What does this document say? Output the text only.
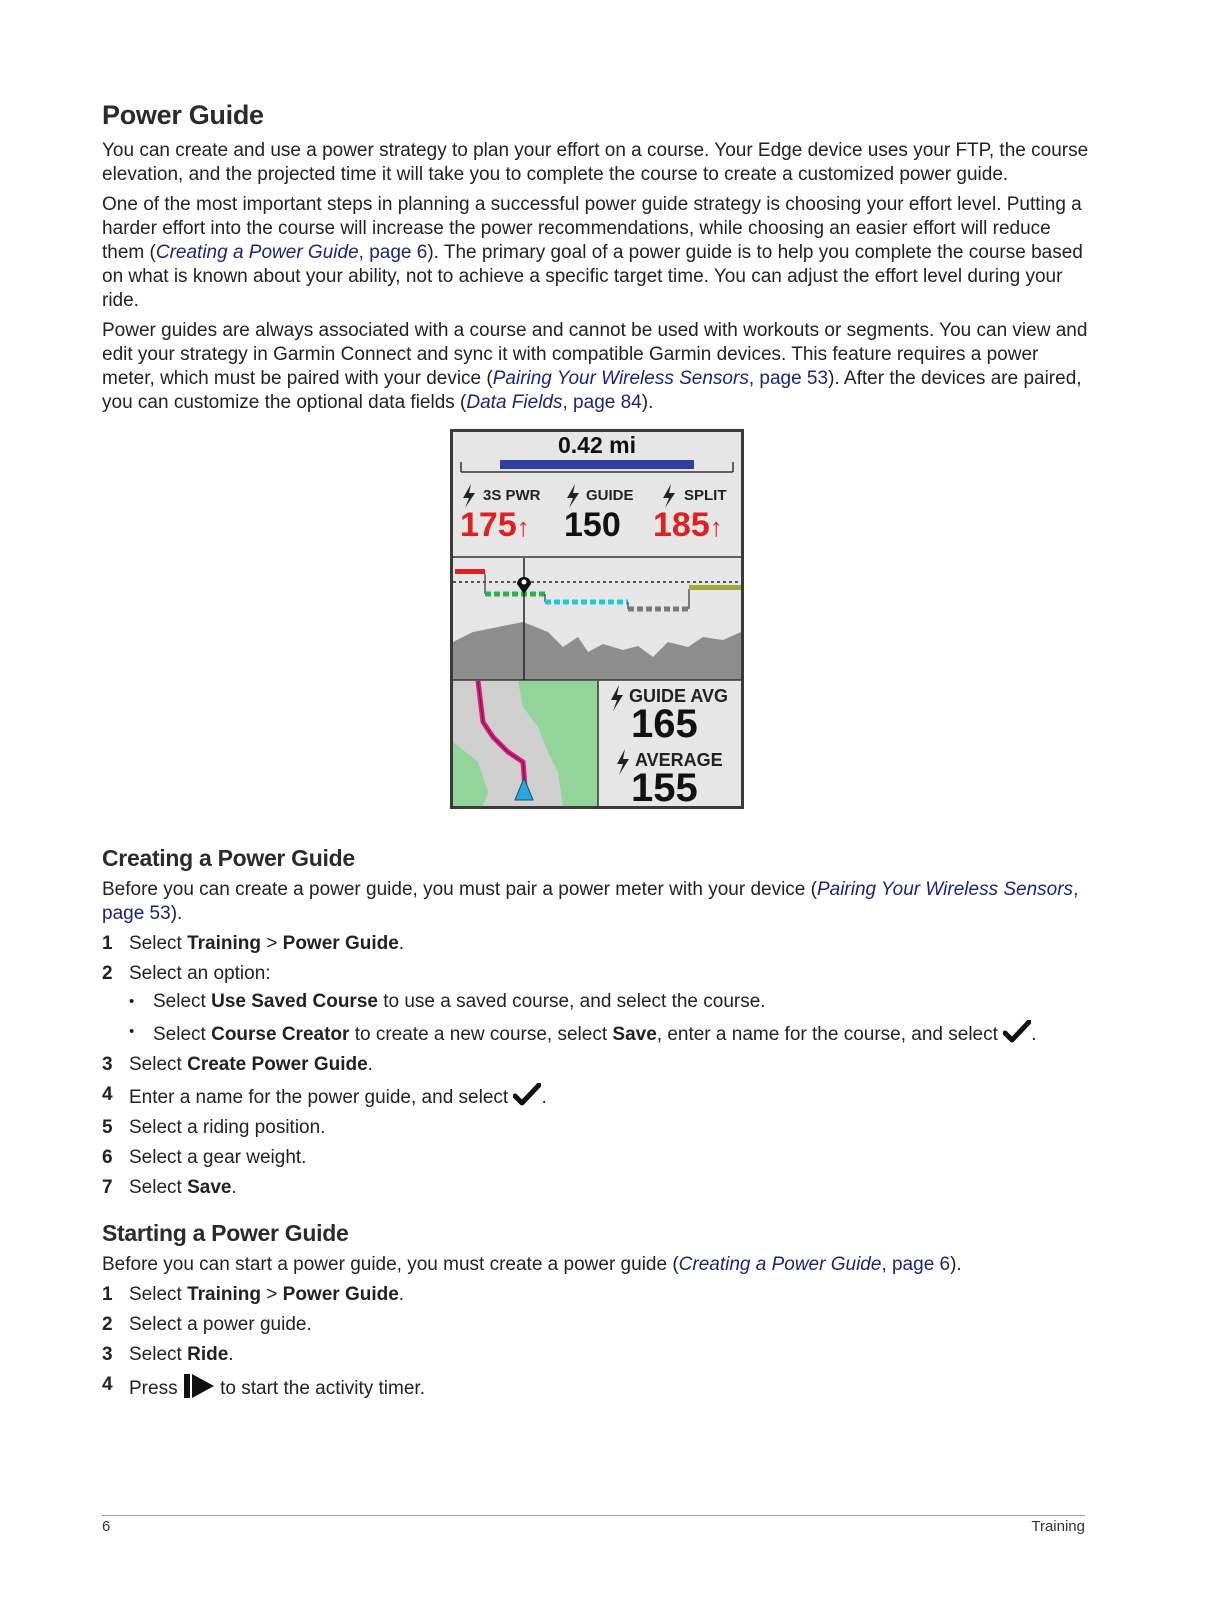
Power Guide

You can create and use a power strategy to plan your effort on a course. Your Edge device uses your FTP, the course elevation, and the projected time it will take you to complete the course to create a customized power guide.

One of the most important steps in planning a successful power guide strategy is choosing your effort level. Putting a harder effort into the course will increase the power recommendations, while choosing an easier effort will reduce them (Creating a Power Guide, page 6). The primary goal of a power guide is to help you complete the course based on what is known about your ability, not to achieve a specific target time. You can adjust the effort level during your ride.

Power guides are always associated with a course and cannot be used with workouts or segments. You can view and edit your strategy in Garmin Connect and sync it with compatible Garmin devices. This feature requires a power meter, which must be paired with your device (Pairing Your Wireless Sensors, page 53). After the devices are paired, you can customize the optional data fields (Data Fields, page 84).

0.42 mi
3S PWR	GUIDE	SPLIT
175↑ 150 185↑
GUIDE AVG
165
AVERAGE
155
Creating a Power Guide

Before you can create a power guide, you must pair a power meter with your device (Pairing Your Wireless Sensors, page 53).

1 Select Training > Power Guide.
2 Select an option:
• Select Use Saved Course to use a saved course, and select the course.
• Select Course Creator to create a new course, select Save, enter a name for the course, and select .
3 Select Create Power Guide.
4 Enter a name for the power guide, and select .
5 Select a riding position.
6 Select a gear weight.
7 Select Save.
Starting a Power Guide

Before you can start a power guide, you must create a power guide (Creating a Power Guide, page 6).

1 Select Training > Power Guide.
2 Select a power guide.
3 Select Ride.
4 Press  to start the activity timer.
6	Training
